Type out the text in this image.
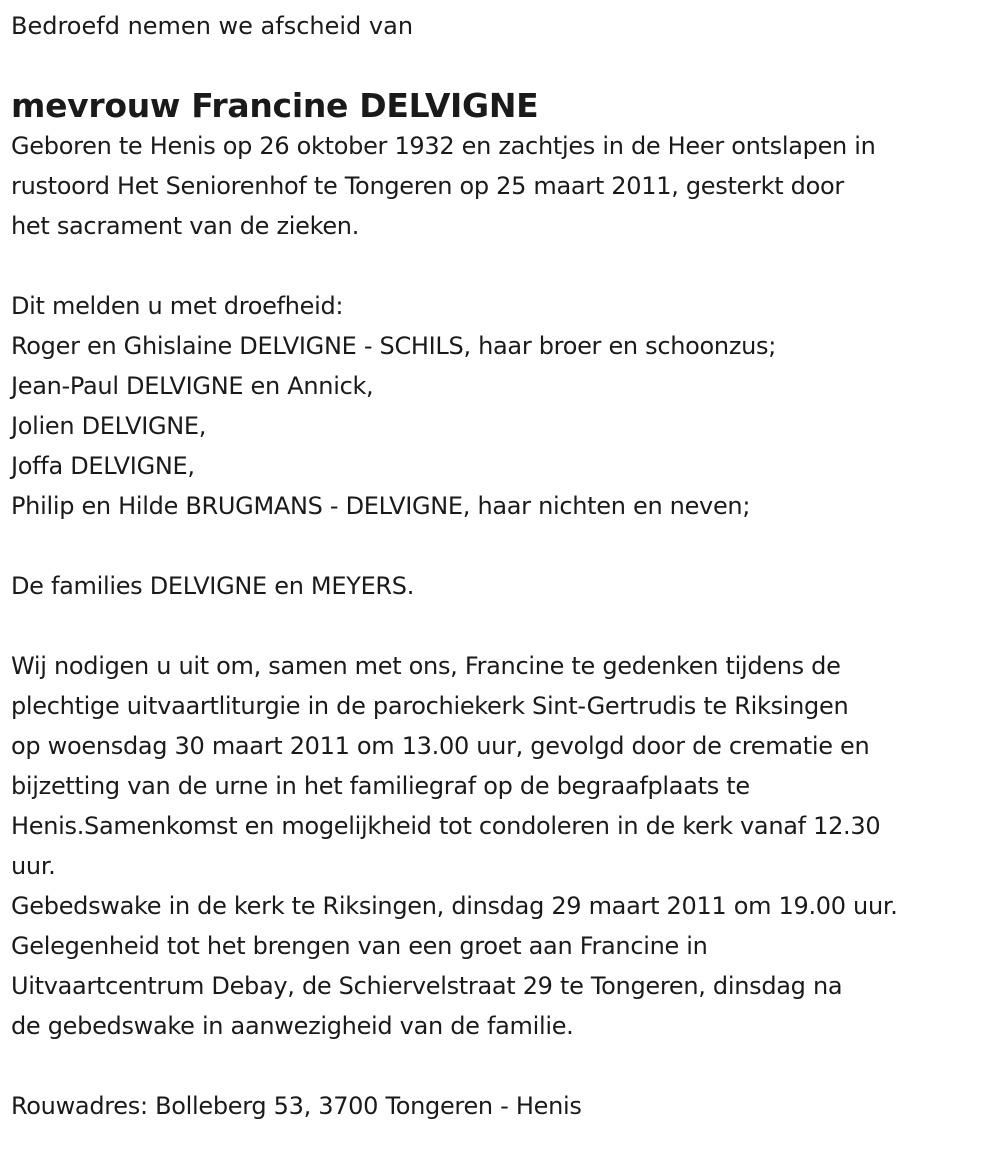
Bedroefd nemen we afscheid van

mevrouw Francine DELVIGNE
Geboren te Henis op 26 oktober 1932 en zachtjes in de Heer ontslapen in
rustoord Het Seniorenhof te Tongeren op 25 maart 2011, gesterkt door
het sacrament van de zieken.
Dit melden u met droefheid:
Roger en Ghislaine DELVIGNE - SCHILS, haar broer en schoonzus;
Jean-Paul DELVIGNE en Annick,
Jolien DELVIGNE,
Joffa DELVIGNE,
Philip en Hilde BRUGMANS - DELVIGNE, haar nichten en neven;
De families DELVIGNE en MEYERS.
Wij nodigen u uit om, samen met ons, Francine te gedenken tijdens de
plechtige uitvaartliturgie in de parochiekerk Sint-Gertrudis te Riksingen
op woensdag 30 maart 2011 om 13.00 uur, gevolgd door de crematie en
bijzetting van de urne in het familiegraf op de begraafplaats te
Henis.Samenkomst en mogelijkheid tot condoleren in de kerk vanaf 12.30
uur.
Gebedswake in de kerk te Riksingen, dinsdag 29 maart 2011 om 19.00 uur.
Gelegenheid tot het brengen van een groet aan Francine in
Uitvaartcentrum Debay, de Schiervelstraat 29 te Tongeren, dinsdag na
de gebedswake in aanwezigheid van de familie.
Rouwadres: Bolleberg 53, 3700 Tongeren - Henis
